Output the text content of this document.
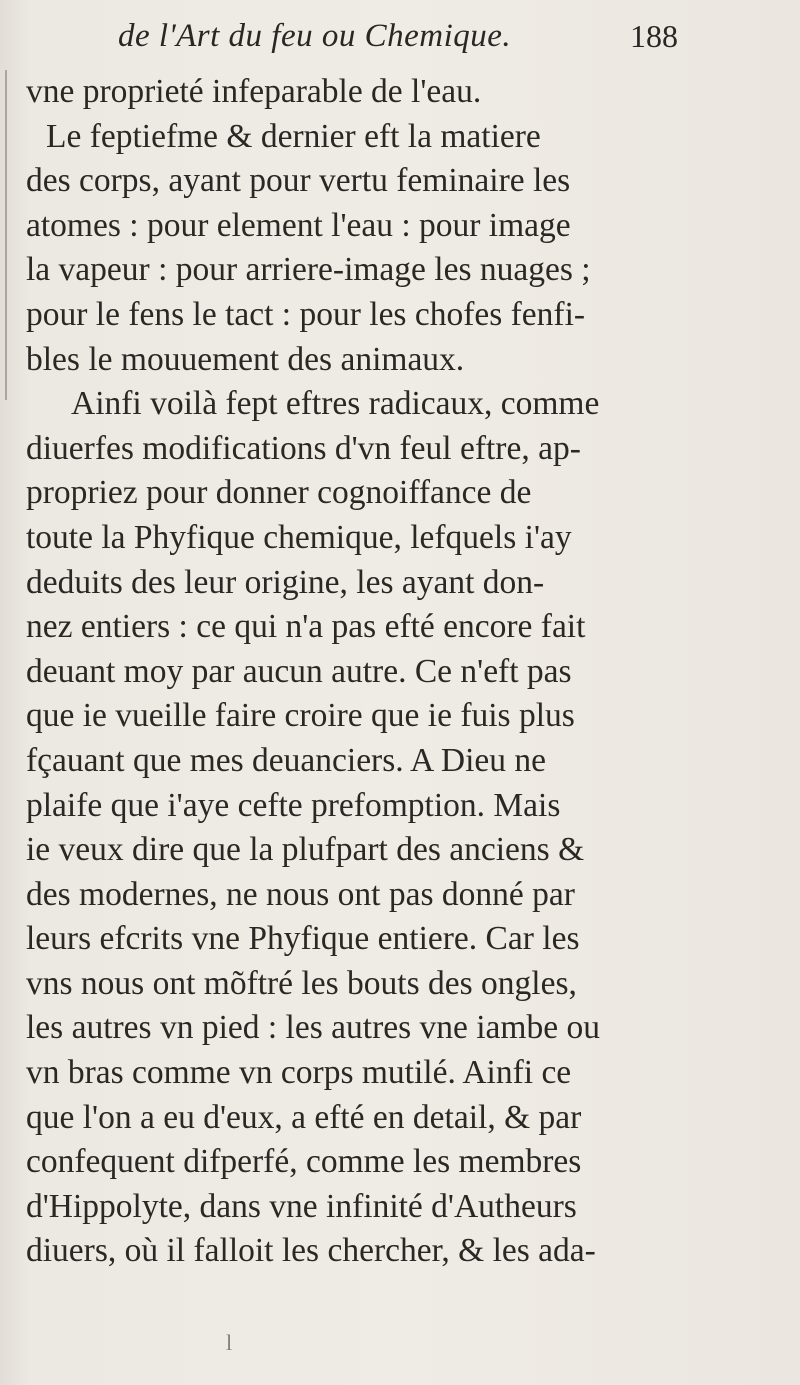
de l'Art du feu ou Chemique.	188
vne proprieté infeparable de l'eau.
Le feptiefme & dernier eft la matiere
des corps, ayant pour vertu feminaire les
atomes : pour element l'eau : pour image
la vapeur : pour arriere-image les nuages ;
pour le fens le tact : pour les chofes fenfi-
bles le mouuement des animaux.
Ainfi voilà fept eftres radicaux, comme
diuerfes modifications d'vn feul eftre, ap-
propriez pour donner cognoiffance de
toute la Phyfique chemique, lefquels i'ay
deduits des leur origine, les ayant don-
nez entiers : ce qui n'a pas efté encore fait
deuant moy par aucun autre. Ce n'eft pas
que ie vueille faire croire que ie fuis plus
fçauant que mes deuanciers. A Dieu ne
plaife que i'aye cefte prefomption. Mais
ie veux dire que la plufpart des anciens &
des modernes, ne nous ont pas donné par
leurs efcrits vne Phyfique entiere. Car les
vns nous ont mõftré les bouts des ongles,
les autres vn pied : les autres vne iambe ou
vn bras comme vn corps mutilé. Ainfi ce
que l'on a eu d'eux, a efté en detail, & par
confequent difperfé, comme les membres
d'Hippolyte, dans vne infinité d'Autheurs
diuers, où il falloit les chercher, & les ada-
l
